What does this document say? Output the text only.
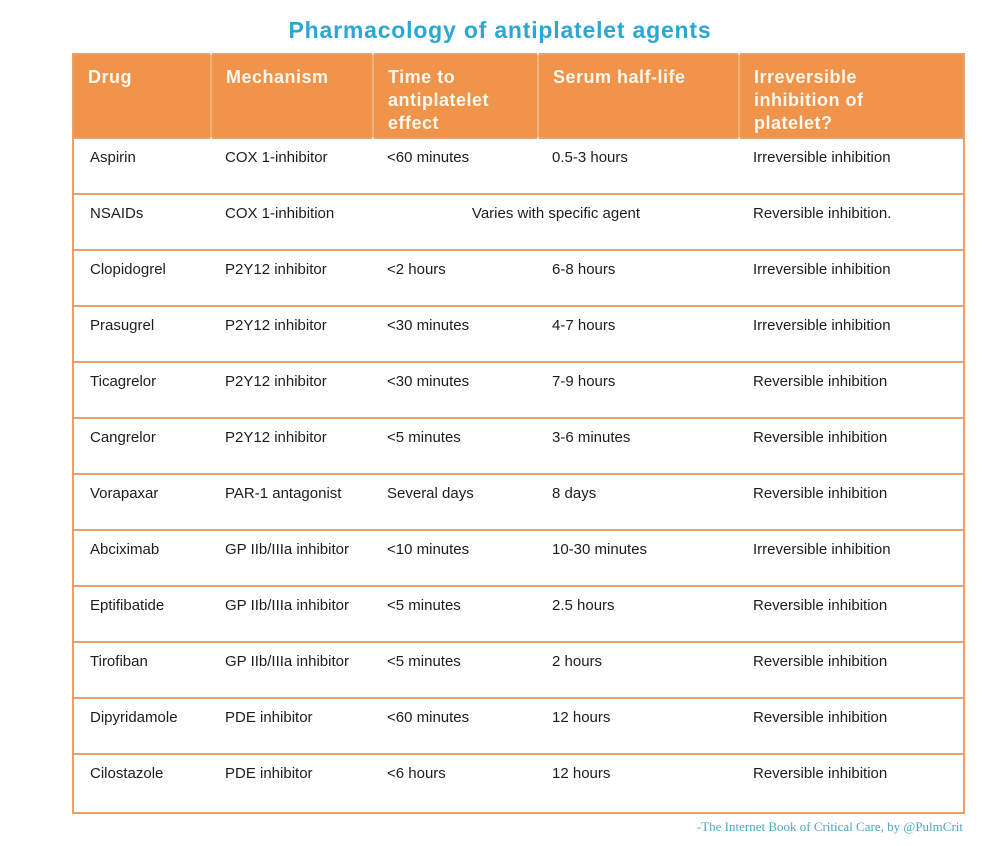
Pharmacology of antiplatelet agents
Drug	Mechanism	Time to antiplatelet effect	Serum half-life	Irreversible inhibition of platelet?

Aspirin	COX 1-inhibitor	<60 minutes	0.5-3 hours	Irreversible inhibition
NSAIDs	COX 1-inhibition	Varies with specific agent		Reversible inhibition.
Clopidogrel	P2Y12 inhibitor	<2 hours	6-8 hours	Irreversible inhibition
Prasugrel	P2Y12 inhibitor	<30 minutes	4-7 hours	Irreversible inhibition
Ticagrelor	P2Y12 inhibitor	<30 minutes	7-9 hours	Reversible inhibition
Cangrelor	P2Y12 inhibitor	<5 minutes	3-6 minutes	Reversible inhibition
Vorapaxar	PAR-1 antagonist	Several days	8 days	Reversible inhibition
Abciximab	GP IIb/IIIa inhibitor	<10 minutes	10-30 minutes	Irreversible inhibition
Eptifibatide	GP IIb/IIIa inhibitor	<5 minutes	2.5 hours	Reversible inhibition
Tirofiban	GP IIb/IIIa inhibitor	<5 minutes	2 hours	Reversible inhibition
Dipyridamole	PDE inhibitor	<60 minutes	12 hours	Reversible inhibition
Cilostazole	PDE inhibitor	<6 hours	12 hours	Reversible inhibition
-The Internet Book of Critical Care, by @PulmCrit
